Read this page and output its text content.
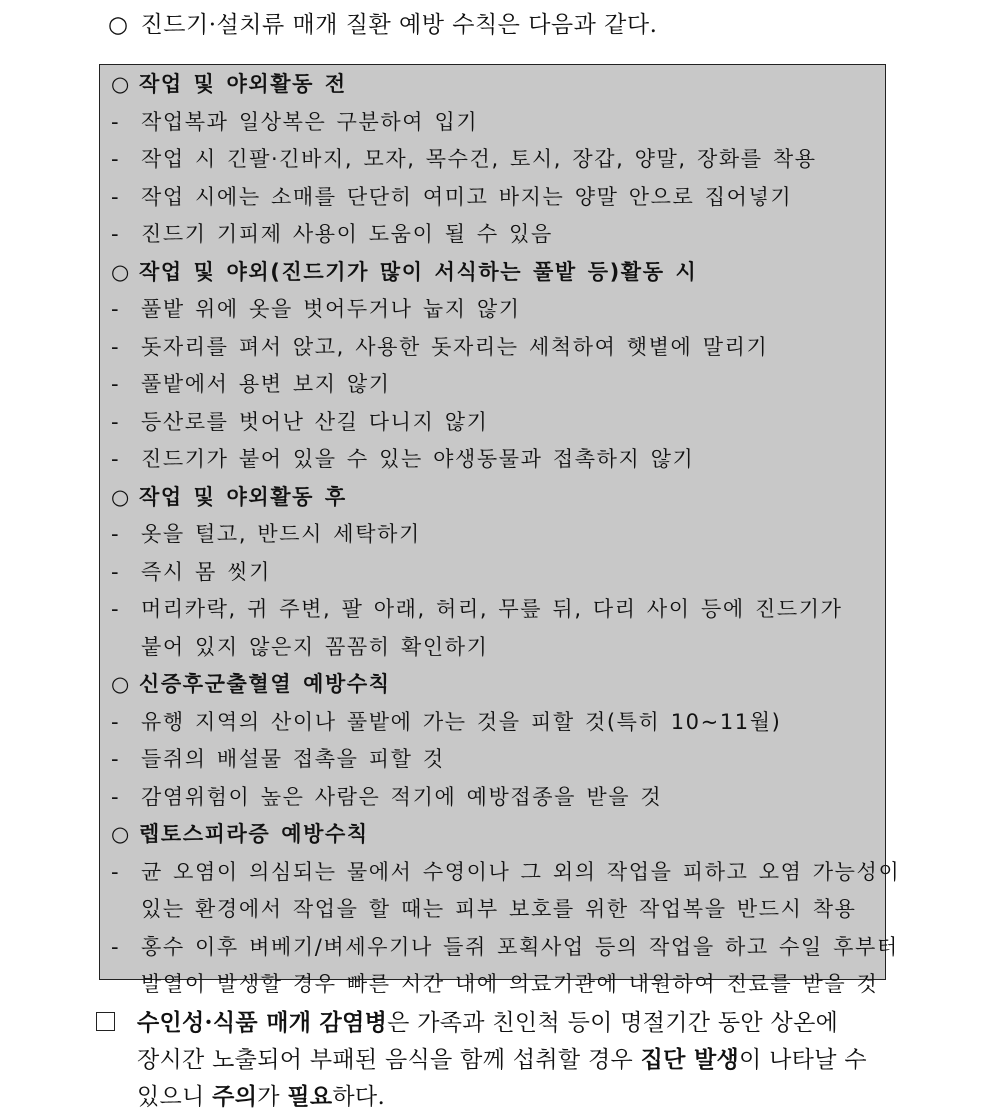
○ 진드기·설치류 매개 질환 예방 수칙은 다음과 같다.
○ 작업 및 야외활동 전
- 작업복과 일상복은 구분하여 입기
- 작업 시 긴팔·긴바지, 모자, 목수건, 토시, 장갑, 양말, 장화를 착용
- 작업 시에는 소매를 단단히 여미고 바지는 양말 안으로 집어넣기
- 진드기 기피제 사용이 도움이 될 수 있음
○ 작업 및 야외(진드기가 많이 서식하는 풀밭 등)활동 시
- 풀밭 위에 옷을 벗어두거나 눕지 않기
- 돗자리를 펴서 앉고, 사용한 돗자리는 세척하여 햇볕에 말리기
- 풀밭에서 용변 보지 않기
- 등산로를 벗어난 산길 다니지 않기
- 진드기가 붙어 있을 수 있는 야생동물과 접촉하지 않기
○ 작업 및 야외활동 후
- 옷을 털고, 반드시 세탁하기
- 즉시 몸 씻기
- 머리카락, 귀 주변, 팔 아래, 허리, 무릎 뒤, 다리 사이 등에 진드기가
붙어 있지 않은지 꼼꼼히 확인하기
○ 신증후군출혈열 예방수칙
- 유행 지역의 산이나 풀밭에 가는 것을 피할 것(특히 10~11월)
- 들쥐의 배설물 접촉을 피할 것
- 감염위험이 높은 사람은 적기에 예방접종을 받을 것
○ 렙토스피라증 예방수칙
- 균 오염이 의심되는 물에서 수영이나 그 외의 작업을 피하고 오염 가능성이
있는 환경에서 작업을 할 때는 피부 보호를 위한 작업복을 반드시 착용
- 홍수 이후 벼베기/벼세우기나 들쥐 포획사업 등의 작업을 하고 수일 후부터
발열이 발생할 경우 빠른 시간 내에 의료기관에 내원하여 진료를 받을 것
수인성·식품 매개 감염병은 가족과 친인척 등이 명절기간 동안 상온에
장시간 노출되어 부패된 음식을 함께 섭취할 경우 집단 발생이 나타날 수
있으니 주의가 필요하다.
